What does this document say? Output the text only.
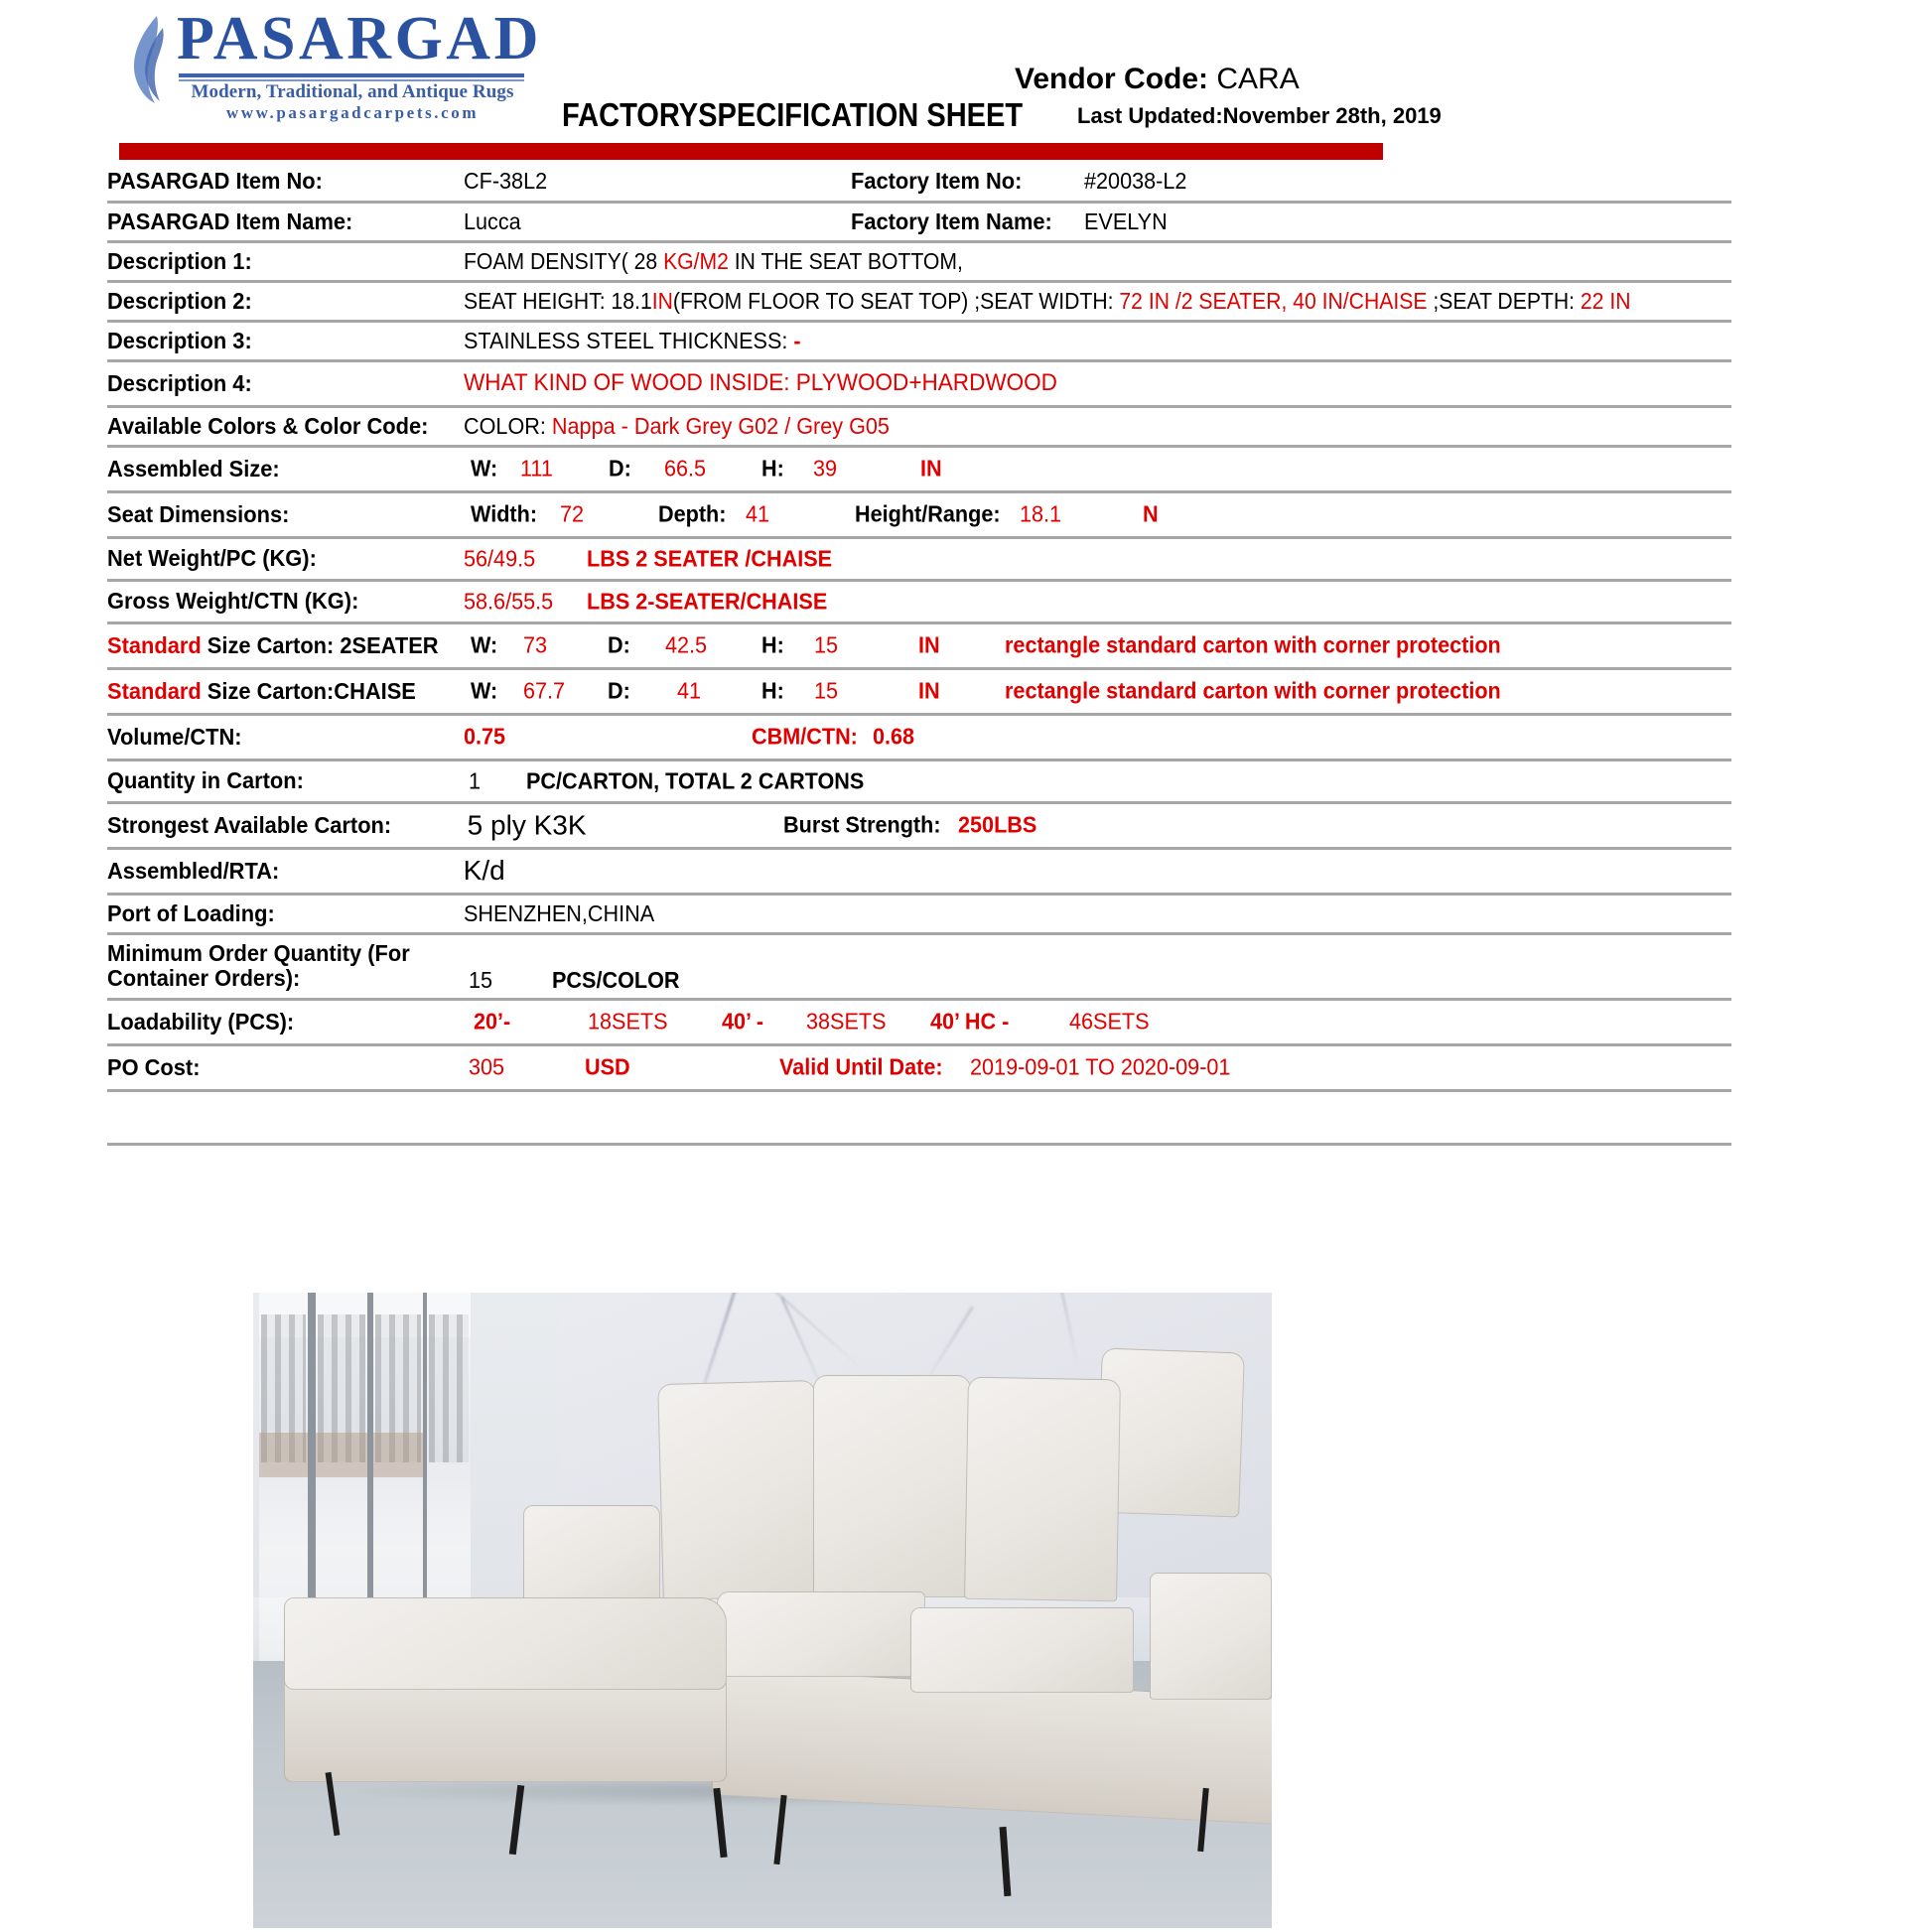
PASARGAD
Modern, Traditional, and Antique Rugs
www.pasargadcarpets.com
Vendor Code: CARA
FACTORYSPECIFICATION SHEET Last Updated:November 28th, 2019
PASARGAD Item No:	CF-38L2	Factory Item No:	#20038-L2
PASARGAD Item Name:	Lucca	Factory Item Name:	EVELYN
Description 1:	FOAM DENSITY( 28 KG/M2 IN THE SEAT BOTTOM,		
Description 2:	SEAT HEIGHT: 18.1IN(FROM FLOOR TO SEAT TOP) ;SEAT WIDTH: 72 IN /2 SEATER, 40 IN/CHAISE ;SEAT DEPTH: 22 IN		
Description 3:	STAINLESS STEEL THICKNESS: -		
Description 4:	WHAT KIND OF WOOD INSIDE: PLYWOOD+HARDWOOD		
Available Colors & Color Code:	COLOR: Nappa - Dark Grey G02 / Grey G05		
Assembled Size:	W: 111 D: 66.5 H: 39	IN

Seat Dimensions:	Width: 72	Depth: 41	Height/Range: 18.1	N

Net Weight/PC (KG):	56/49.5 LBS 2 SEATER /CHAISE		

Gross Weight/CTN (KG):	58.6/55.5 LBS 2-SEATER/CHAISE		

Standard Size Carton: 2SEATER	W: 73	D: 42.5 H: 15	IN	rectangle standard carton with corner protection

Standard Size Carton:CHAISE	W: 67.7 D: 41	H: 15	IN	rectangle standard carton with corner protection

Volume/CTN:	0.75 CBM/CTN: 0.68		

Quantity in Carton:	1 PC/CARTON, TOTAL 2 CARTONS		

Strongest Available Carton:	5 ply K3K Burst Strength: 250LBS		

Assembled/RTA:	K/d		
Port of Loading:	SHENZHEN,CHINA		

Minimum Order Quantity (For
Container Orders):	15 PCS/COLOR		

Loadability (PCS):	20’-	18SETS 40’ - 38SETS 40’ HC -	46SETS

PO Cost:	305 USD Valid Until Date: 2019-09-01 TO 2020-09-01		
